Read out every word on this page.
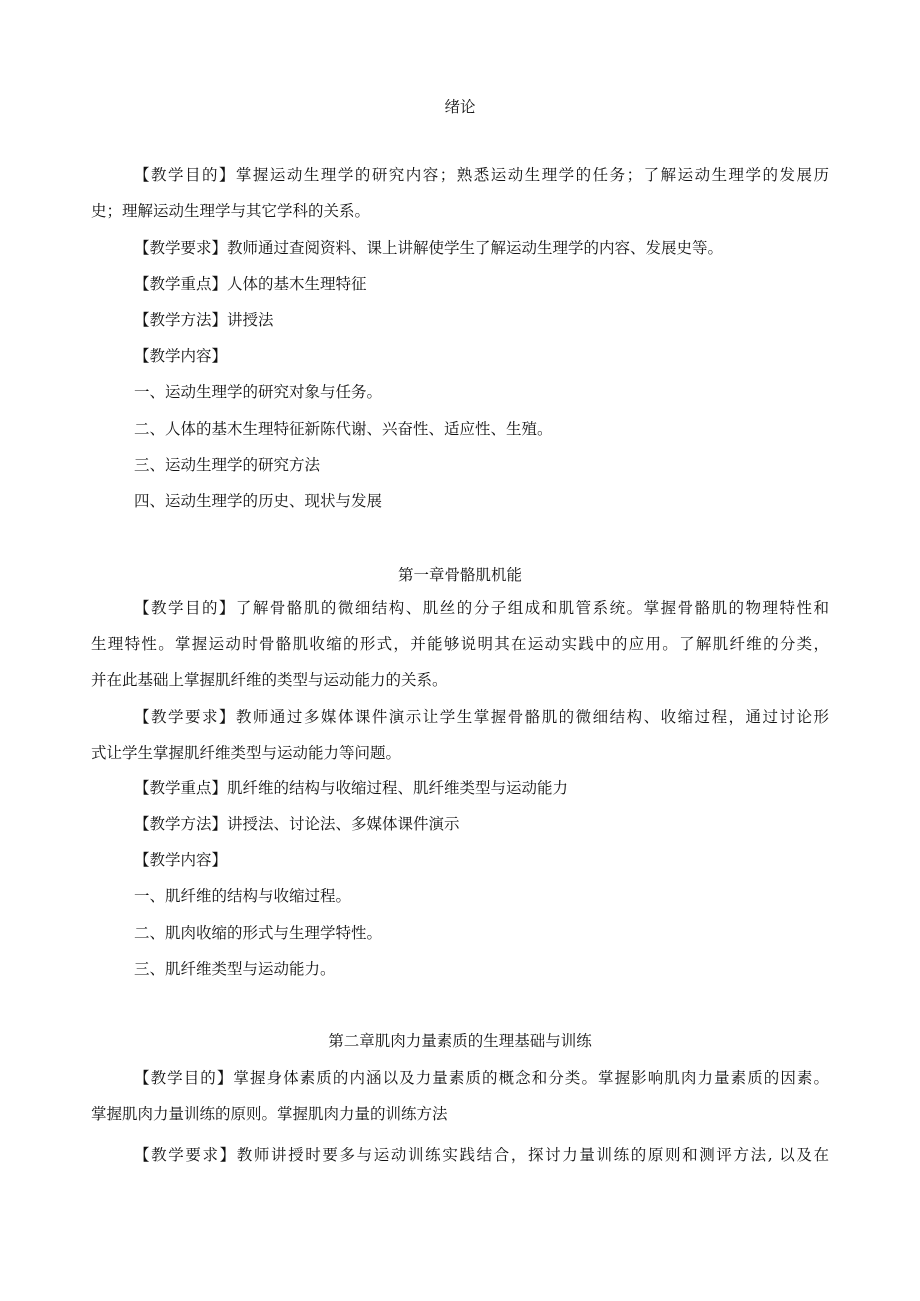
绪论
【教学目的】掌握运动生理学的研究内容；熟悉运动生理学的任务；了解运动生理学的发展历
史；理解运动生理学与其它学科的关系。
【教学要求】教师通过查阅资料、课上讲解使学生了解运动生理学的内容、发展史等。
【教学重点】人体的基木生理特征
【教学方法】讲授法
【教学内容】
一、运动生理学的研究对象与任务。
二、人体的基木生理特征新陈代谢、兴奋性、适应性、生殖。
三、运动生理学的研究方法
四、运动生理学的历史、现状与发展
第一章骨骼肌机能
【教学目的】了解骨骼肌的微细结构、肌丝的分子组成和肌管系统。掌握骨骼肌的物理特性和
生理特性。掌握运动时骨骼肌收缩的形式，并能够说明其在运动实践中的应用。了解肌纤维的分类，
并在此基础上掌握肌纤维的类型与运动能力的关系。
【教学要求】教师通过多媒体课件演示让学生掌握骨骼肌的微细结构、收缩过程，通过讨论形
式让学生掌握肌纤维类型与运动能力等问题。
【教学重点】肌纤维的结构与收缩过程、肌纤维类型与运动能力
【教学方法】讲授法、讨论法、多媒体课件演示
【教学内容】
一、肌纤维的结构与收缩过程。
二、肌肉收缩的形式与生理学特性。
三、肌纤维类型与运动能力。
第二章肌肉力量素质的生理基础与训练
【教学目的】掌握身体素质的内涵以及力量素质的概念和分类。掌握影响肌肉力量素质的因素。
掌握肌肉力量训练的原则。掌握肌肉力量的训练方法
【教学要求】教师讲授时要多与运动训练实践结合，探讨力量训练的原则和测评方法, 以及在
